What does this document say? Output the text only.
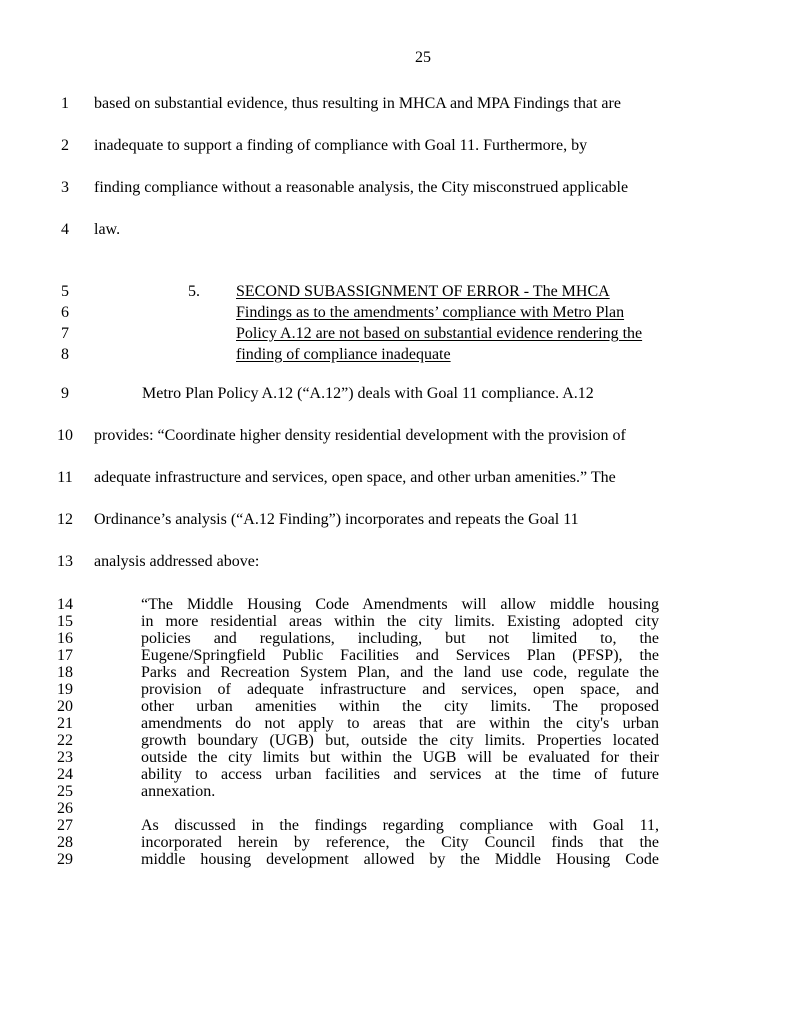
25
1	based on substantial evidence, thus resulting in MHCA and MPA Findings that are
2	inadequate to support a finding of compliance with Goal 11. Furthermore, by
3	finding compliance without a reasonable analysis, the City misconstrued applicable
4	law.
5.
5	SECOND SUBASSIGNMENT OF ERROR - The MHCA
6	Findings as to the amendments’ compliance with Metro Plan
7	Policy A.12 are not based on substantial evidence rendering the
8	finding of compliance inadequate
9	Metro Plan Policy A.12 (“A.12”) deals with Goal 11 compliance. A.12
10	provides: “Coordinate higher density residential development with the provision of
11	adequate infrastructure and services, open space, and other urban amenities.” The
12	Ordinance’s analysis (“A.12 Finding”) incorporates and repeats the Goal 11
13	analysis addressed above:
14	“The Middle Housing Code Amendments will allow middle housing
15	in more residential areas within the city limits. Existing adopted city
16	policies and regulations, including, but not limited to, the
17	Eugene/Springfield Public Facilities and Services Plan (PFSP), the
18	Parks and Recreation System Plan, and the land use code, regulate the
19	provision of adequate infrastructure and services, open space, and
20	other urban amenities within the city limits. The proposed
21	amendments do not apply to areas that are within the city's urban
22	growth boundary (UGB) but, outside the city limits. Properties located
23	outside the city limits but within the UGB will be evaluated for their
24	ability to access urban facilities and services at the time of future
25	annexation.
26
27	As discussed in the findings regarding compliance with Goal 11,
28	incorporated herein by reference, the City Council finds that the
29	middle housing development allowed by the Middle Housing Code
